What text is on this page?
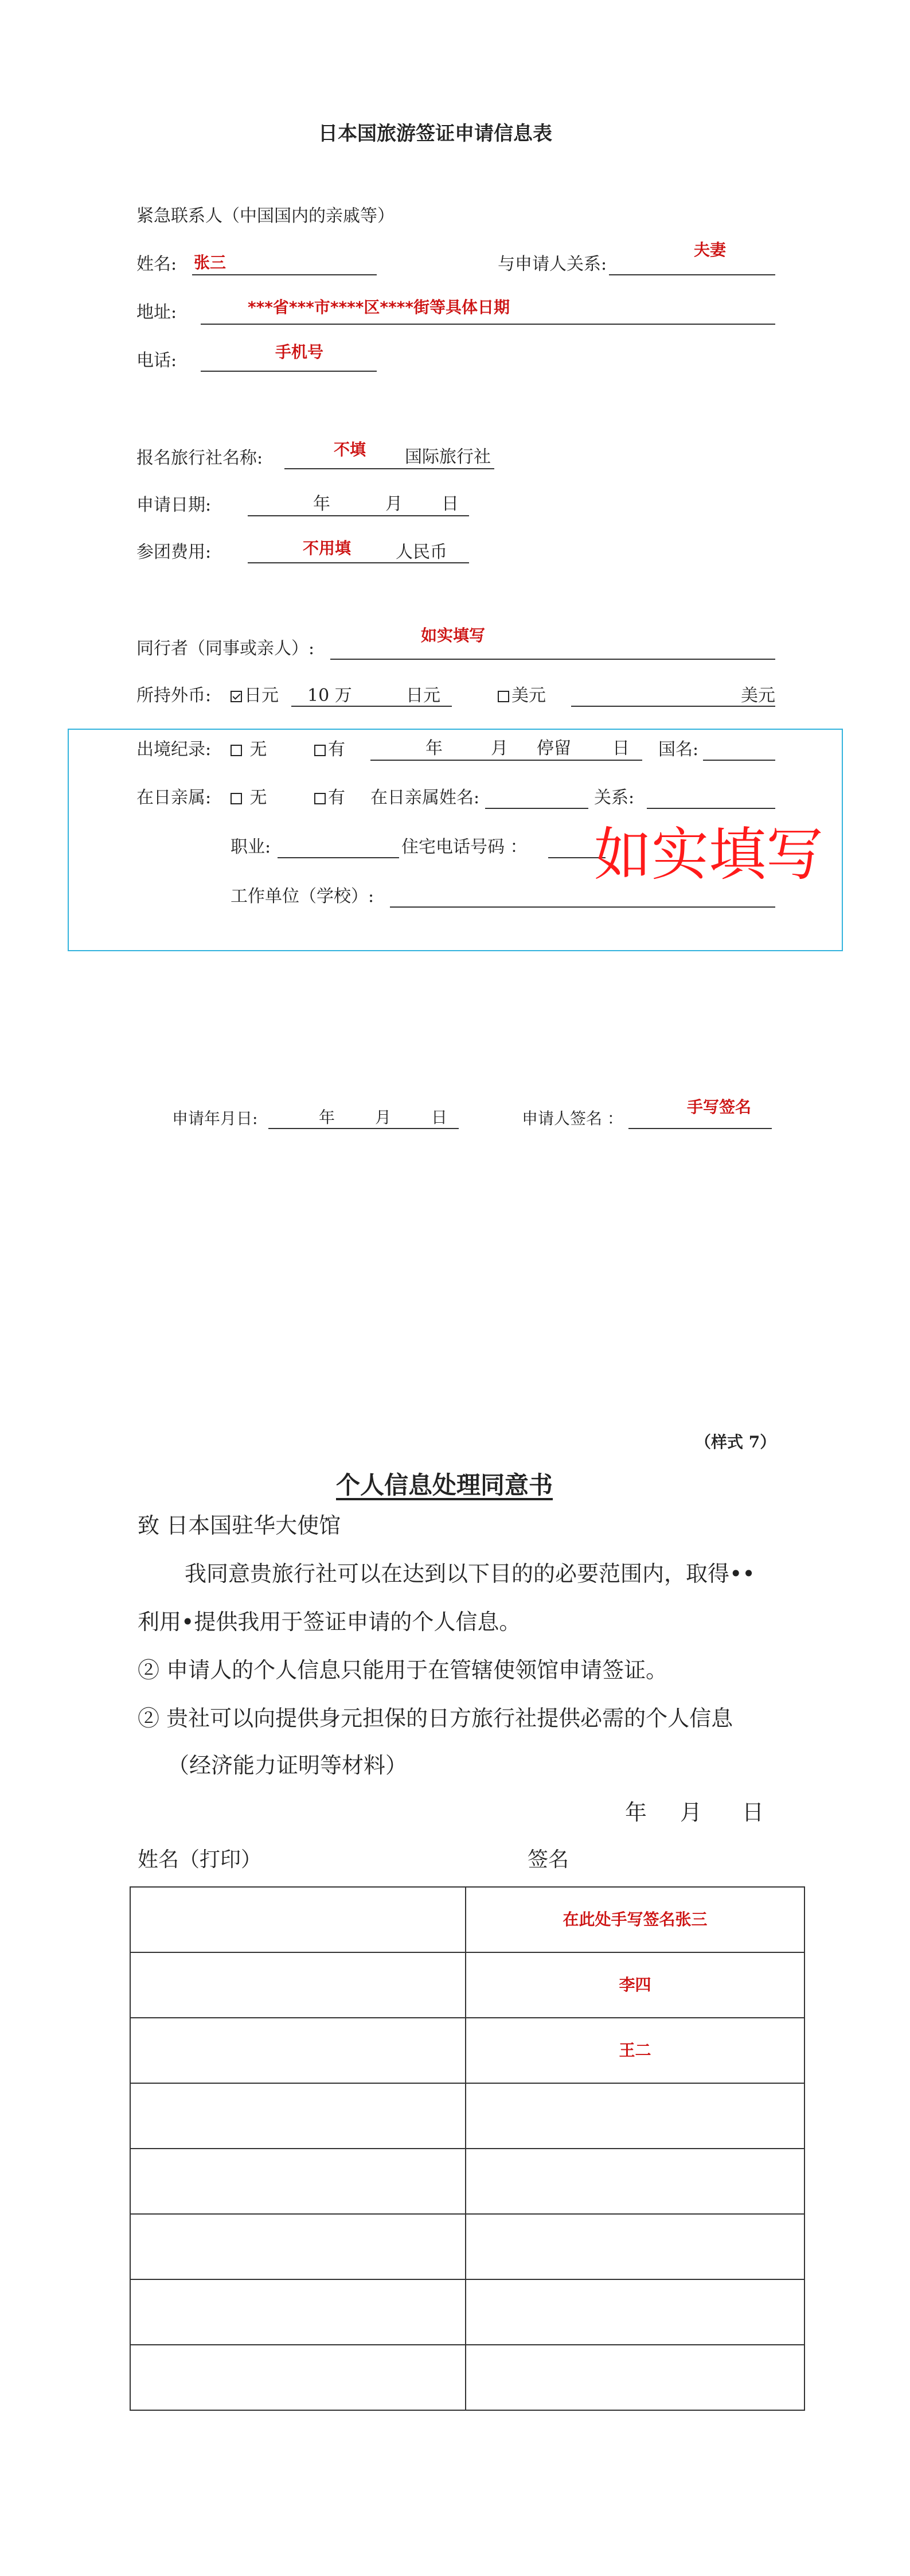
日本国旅游签证申请信息表
紧急联系人（中国国内的亲戚等）
姓名: 张三	与申请人关系:
夫妻
地址:	***省***市****区****街等具体日期
电话:	手机号
报名旅行社名称:	不填 国际旅行社
申请日期:	年	月 日
参团费用:	不用填	人民币
同行者（同事或亲人）:
如实填写
所持外币:	日元 10 万	日元	美元	美元
出境纪录:	无	有	年	月 停留 日 国名:
在日亲属:	无	有 在日亲属姓名:	关系:
职业:	住宅电话号码 ： 如实填写
工作单位（学校）:
申请年月日:	年 月 日	申请人签名 ：
手写签名
（样式 7）
个人信息处理同意书
致 日本国驻华大使馆
我同意贵旅行社可以在达到以下目的的必要范围内，取得••
利用•提供我用于签证申请的个人信息。
② 申请人的个人信息只能用于在管辖使领馆申请签证。
② 贵社可以向提供身元担保的日方旅行社提供必需的个人信息
（经济能力证明等材料）
年 月 日
姓名（打印）	签名
	在此处手写签名张三
	李四
	王二
